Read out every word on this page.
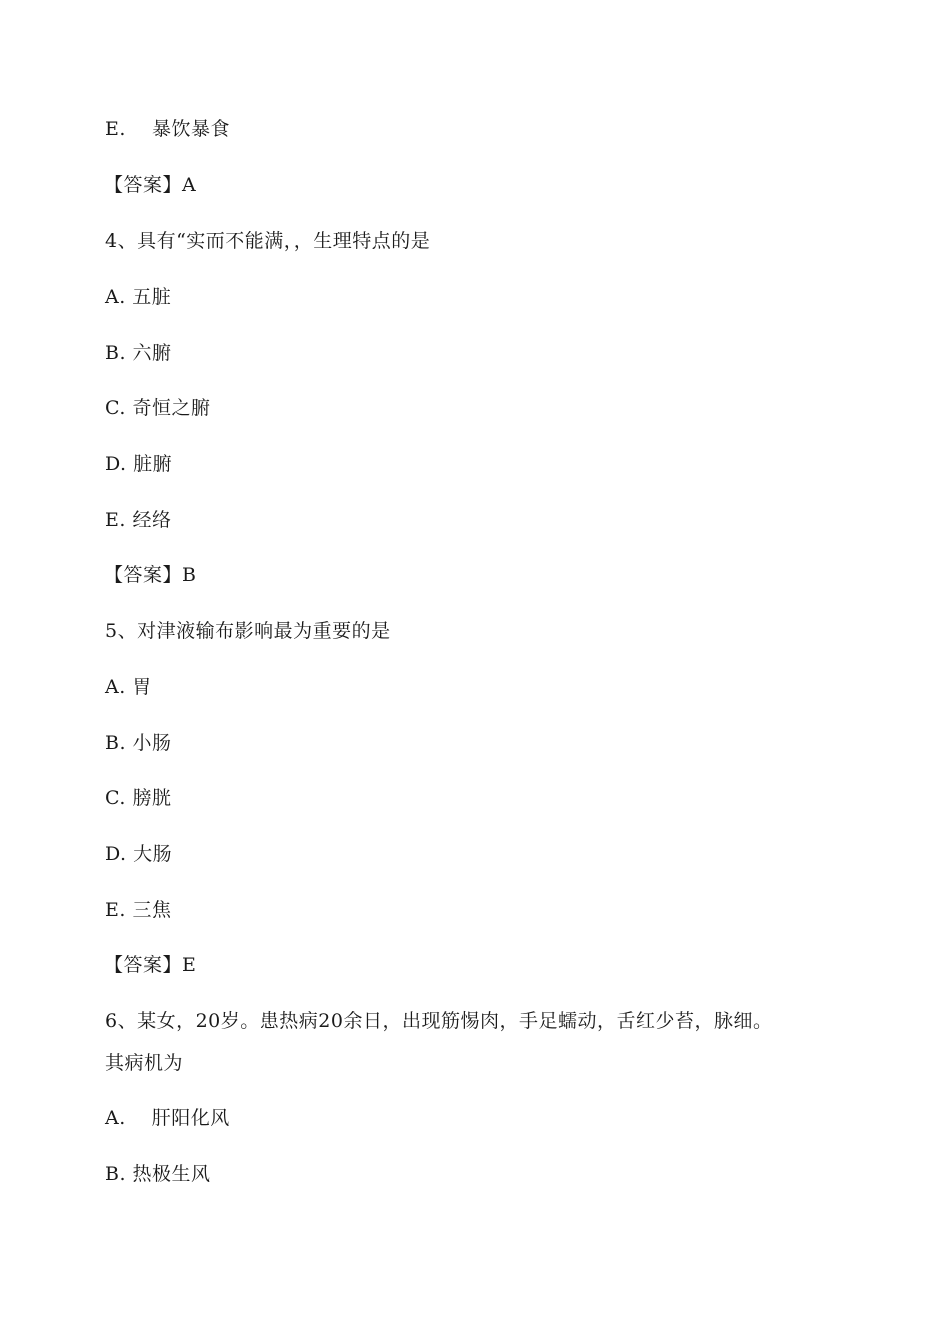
E.　 暴饮暴食
【答案】A
4、具有“实而不能满，，生理特点的是
A. 五脏
B. 六腑
C. 奇恒之腑
D. 脏腑
E. 经络
【答案】B
5、对津液输布影响最为重要的是
A. 胃
B. 小肠
C. 膀胱
D. 大肠
E. 三焦
【答案】E
6、某女，20岁。患热病20余日，出现筋惕肉，手足蠕动，舌红少苔，脉细。
其病机为
A.　 肝阳化风
B. 热极生风
